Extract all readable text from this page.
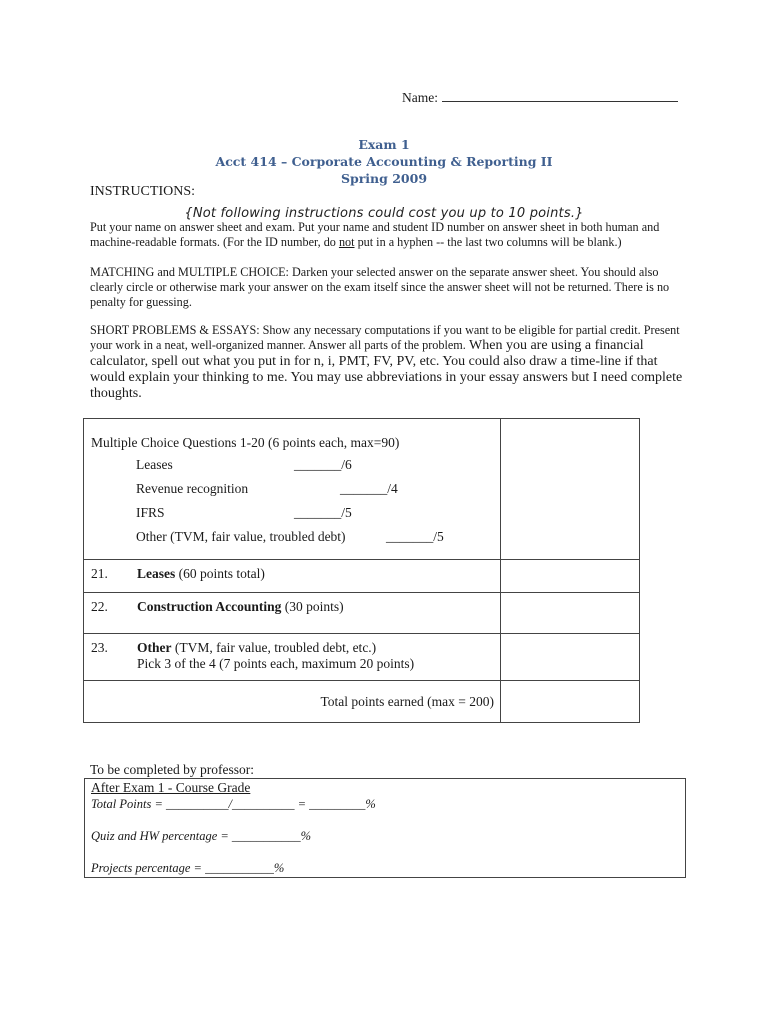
Name:
Exam 1
Acct 414 – Corporate Accounting & Reporting II
Spring 2009
INSTRUCTIONS:
{Not following instructions could cost you up to 10 points.}
Put your name on answer sheet and exam. Put your name and student ID number on answer sheet in both human and machine-readable formats. (For the ID number, do not put in a hyphen -- the last two columns will be blank.)
MATCHING and MULTIPLE CHOICE: Darken your selected answer on the separate answer sheet. You should also clearly circle or otherwise mark your answer on the exam itself since the answer sheet will not be returned. There is no penalty for guessing.
SHORT PROBLEMS & ESSAYS: Show any necessary computations if you want to be eligible for partial credit. Present your work in a neat, well-organized manner. Answer all parts of the problem. When you are using a financial calculator, spell out what you put in for n, i, PMT, FV, PV, etc. You could also draw a time-line if that would explain your thinking to me. You may use abbreviations in your essay answers but I need complete thoughts.
Multiple Choice Questions 1-20 (6 points each, max=90)
Leases	_______/6
Revenue recognition	_______/4
IFRS	_______/5
Other (TVM, fair value, troubled debt)	_______/5

21. Leases (60 points total)	

22. Construction Accounting (30 points)	

23. Other (TVM, fair value, troubled debt, etc.)
Pick 3 of the 4 (7 points each, maximum 20 points)	

Total points earned (max = 200)	

To be completed by professor:
After Exam 1 - Course Grade
Total Points = __________/__________ = _________%
Quiz and HW percentage = ___________%
Projects percentage = ___________%
